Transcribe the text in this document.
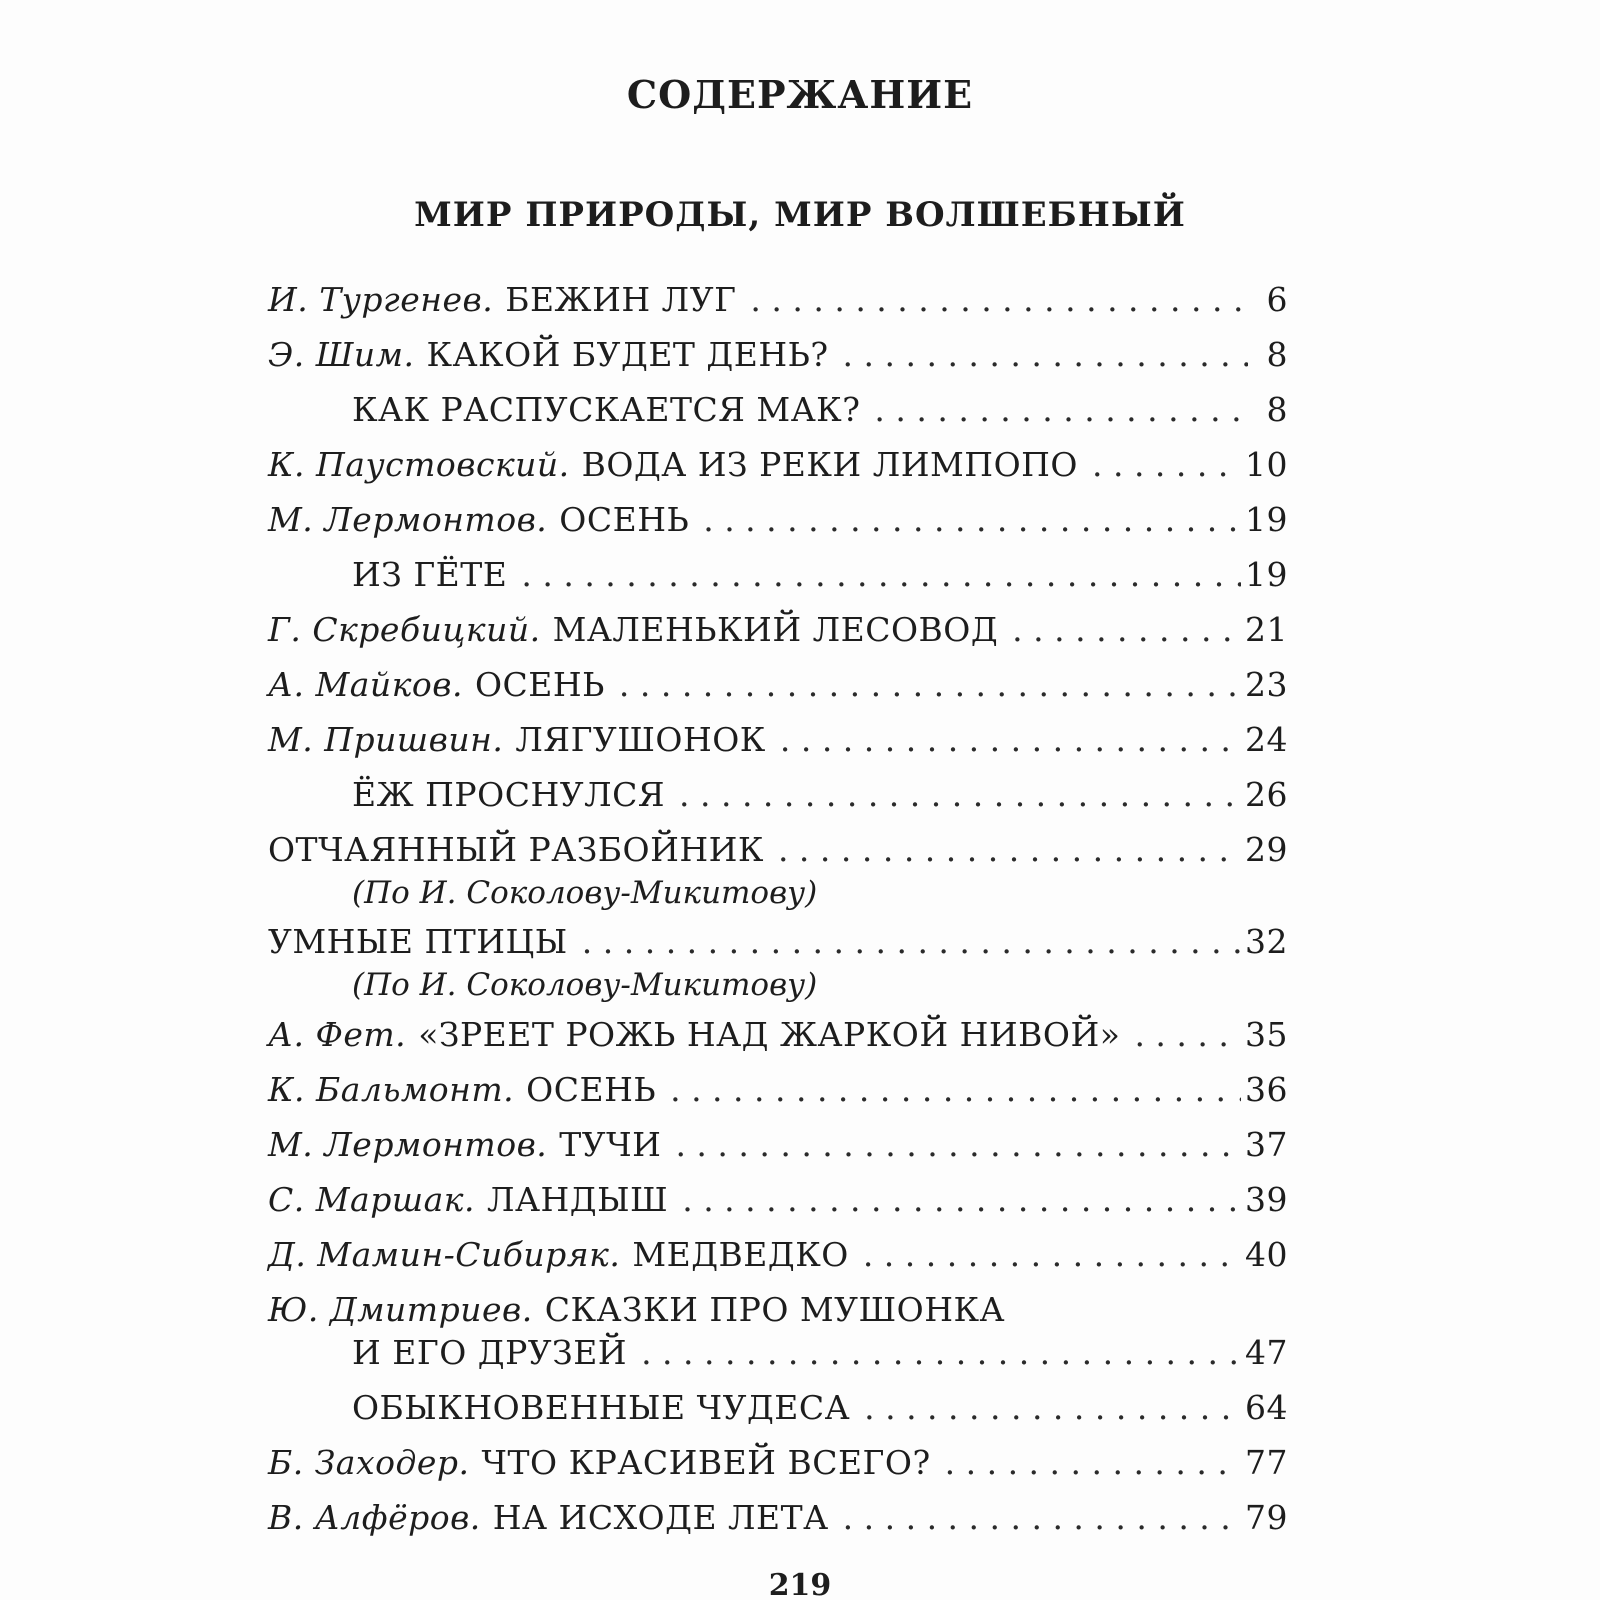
СОДЕРЖАНИЕ
МИР ПРИРОДЫ, МИР ВОЛШЕБНЫЙ
И. Тургенев. БЕЖИН ЛУГ . . .	6
Э. Шим. КАКОЙ БУДЕТ ДЕНЬ? . . .	8
КАК РАСПУСКАЕТСЯ МАК? . . .	8
К. Паустовский. ВОДА ИЗ РЕКИ ЛИМПОПО . . .	10
М. Лермонтов. ОСЕНЬ . . .	19
ИЗ ГЁТЕ . . .	19
Г. Скребицкий. МАЛЕНЬКИЙ ЛЕСОВОД . . .	21
А. Майков. ОСЕНЬ . . .	23
М. Пришвин. ЛЯГУШОНОК . . .	24
ЁЖ ПРОСНУЛСЯ . . .	26
ОТЧАЯННЫЙ РАЗБОЙНИК . . .	29
(По И. Соколову-Микитову)
УМНЫЕ ПТИЦЫ . . .	32
(По И. Соколову-Микитову)
А. Фет. «ЗРЕЕТ РОЖЬ НАД ЖАРКОЙ НИВОЙ» . . .	35
К. Бальмонт. ОСЕНЬ . . .	36
М. Лермонтов. ТУЧИ . . .	37
С. Маршак. ЛАНДЫШ . . .	39
Д. Мамин-Сибиряк. МЕДВЕДКО . . .	40
Ю. Дмитриев. СКАЗКИ ПРО МУШОНКА
И ЕГО ДРУЗЕЙ . . .	47
ОБЫКНОВЕННЫЕ ЧУДЕСА . . .	64
Б. Заходер. ЧТО КРАСИВЕЙ ВСЕГО? . . .	77
В. Алфёров. НА ИСХОДЕ ЛЕТА . . .	79
219
